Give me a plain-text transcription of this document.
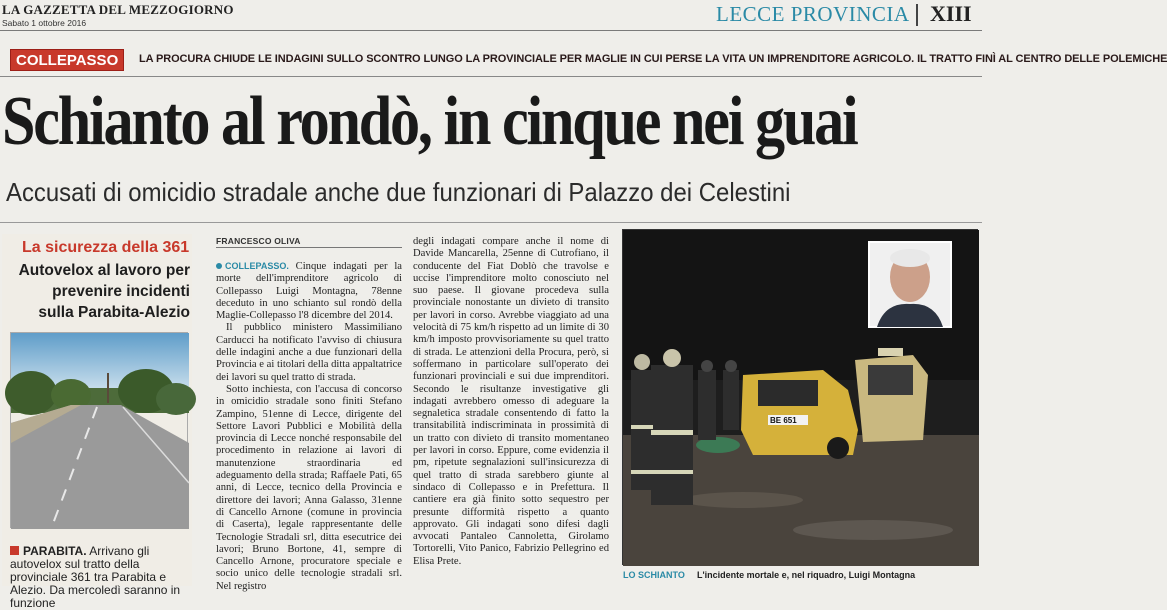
LA GAZZETTA DEL MEZZOGIORNO
Sabato 1 ottobre 2016	LECCE PROVINCIA XIII
COLLEPASSO	LA PROCURA CHIUDE LE INDAGINI SULLO SCONTRO LUNGO LA PROVINCIALE PER MAGLIE IN CUI PERSE LA VITA UN IMPRENDITORE AGRICOLO. IL TRATTO FINÌ AL CENTRO DELLE POLEMICHE
Schianto al rondò, in cinque nei guai
Accusati di omicidio stradale anche due funzionari di Palazzo dei Celestini
La sicurezza della 361
Autovelox al lavoro per prevenire incidenti sulla Parabita-Alezio
PARABITA. Arrivano gli autovelox sul tratto della provinciale 361 tra Parabita e Alezio. Da mercoledì saranno in funzione
FRANCESCO OLIVA

COLLEPASSO. Cinque indagati per la morte dell'imprenditore agricolo di Collepasso Luigi Montagna, 78enne deceduto in uno schianto sul rondò della Maglie-Collepasso l'8 dicembre del 2014.

Il pubblico ministero Massimiliano Carducci ha notificato l'avviso di chiusura delle indagini anche a due funzionari della Provincia e ai titolari della ditta appaltatrice dei lavori su quel tratto di strada.

Sotto inchiesta, con l'accusa di concorso in omicidio stradale sono finiti Stefano Zampino, 51enne di Lecce, dirigente del Settore Lavori Pubblici e Mobilità della provincia di Lecce nonché responsabile del procedimento in relazione ai lavori di manutenzione straordinaria ed adeguamento della strada; Raffaele Pati, 65 anni, di Lecce, tecnico della Provincia e direttore dei lavori; Anna Galasso, 31enne di Cancello Arnone (comune in provincia di Caserta), legale rappresentante delle Tecnologie Stradali srl, ditta esecutrice dei lavori; Bruno Bortone, 41, sempre di Cancello Arnone, procuratore speciale e socio unico delle tecnologie stradali srl. Nel registro

degli indagati compare anche il nome di Davide Mancarella, 25enne di Cutrofiano, il conducente del Fiat Doblò che travolse e uccise l'imprenditore molto conosciuto nel suo paese. Il giovane procedeva sulla provinciale nonostante un divieto di transito per lavori in corso. Avrebbe viaggiato ad una velocità di 75 km/h rispetto ad un limite di 30 km/h imposto provvisoriamente su quel tratto di strada. Le attenzioni della Procura, però, si soffermano in particolare sull'operato dei funzionari provinciali e sui due imprenditori. Secondo le risultanze investigative gli indagati avrebbero omesso di adeguare la segnaletica stradale consentendo di fatto la transitabilità indiscriminata in prossimità di un tratto con divieto di transito momentaneo per lavori in corso. Eppure, come evidenzia il pm, ripetute segnalazioni sull'insicurezza di quel tratto di strada sarebbero giunte al sindaco di Collepasso e in Prefettura. Il cantiere era già finito sotto sequestro per presunte difformità rispetto a quanto approvato. Gli indagati sono difesi dagli avvocati Pantaleo Cannoletta, Girolamo Tortorelli, Vito Panico, Fabrizio Pellegrino ed Elisa Prete.

BE 651
LO SCHIANTO L'incidente mortale e, nel riquadro, Luigi Montagna
